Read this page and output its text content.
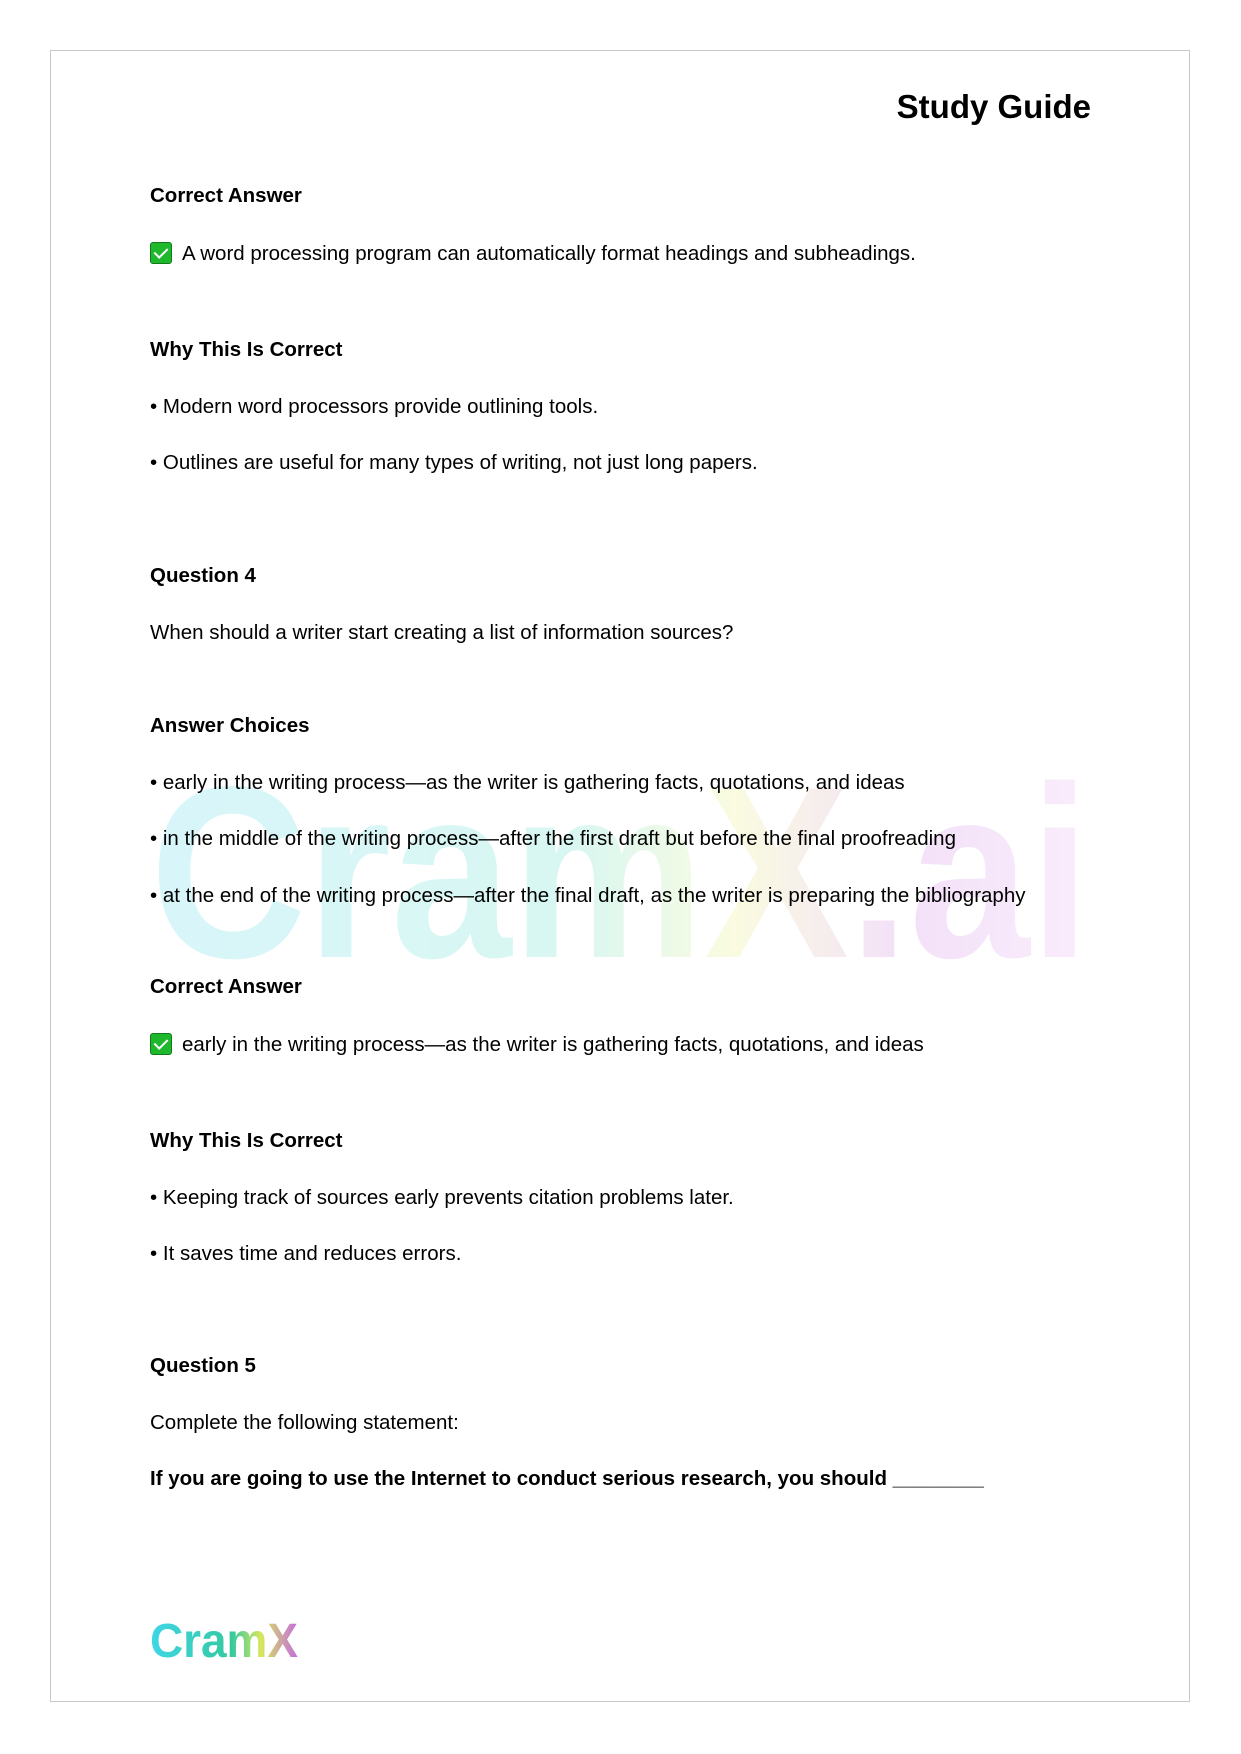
CramX.ai
Study Guide
Correct Answer
A word processing program can automatically format headings and subheadings.
Why This Is Correct
• Modern word processors provide outlining tools.
• Outlines are useful for many types of writing, not just long papers.
Question 4
When should a writer start creating a list of information sources?
Answer Choices
• early in the writing process—as the writer is gathering facts, quotations, and ideas
• in the middle of the writing process—after the first draft but before the final proofreading
• at the end of the writing process—after the final draft, as the writer is preparing the bibliography
Correct Answer
early in the writing process—as the writer is gathering facts, quotations, and ideas
Why This Is Correct
• Keeping track of sources early prevents citation problems later.
• It saves time and reduces errors.
Question 5
Complete the following statement:
If you are going to use the Internet to conduct serious research, you should ________
CramX
